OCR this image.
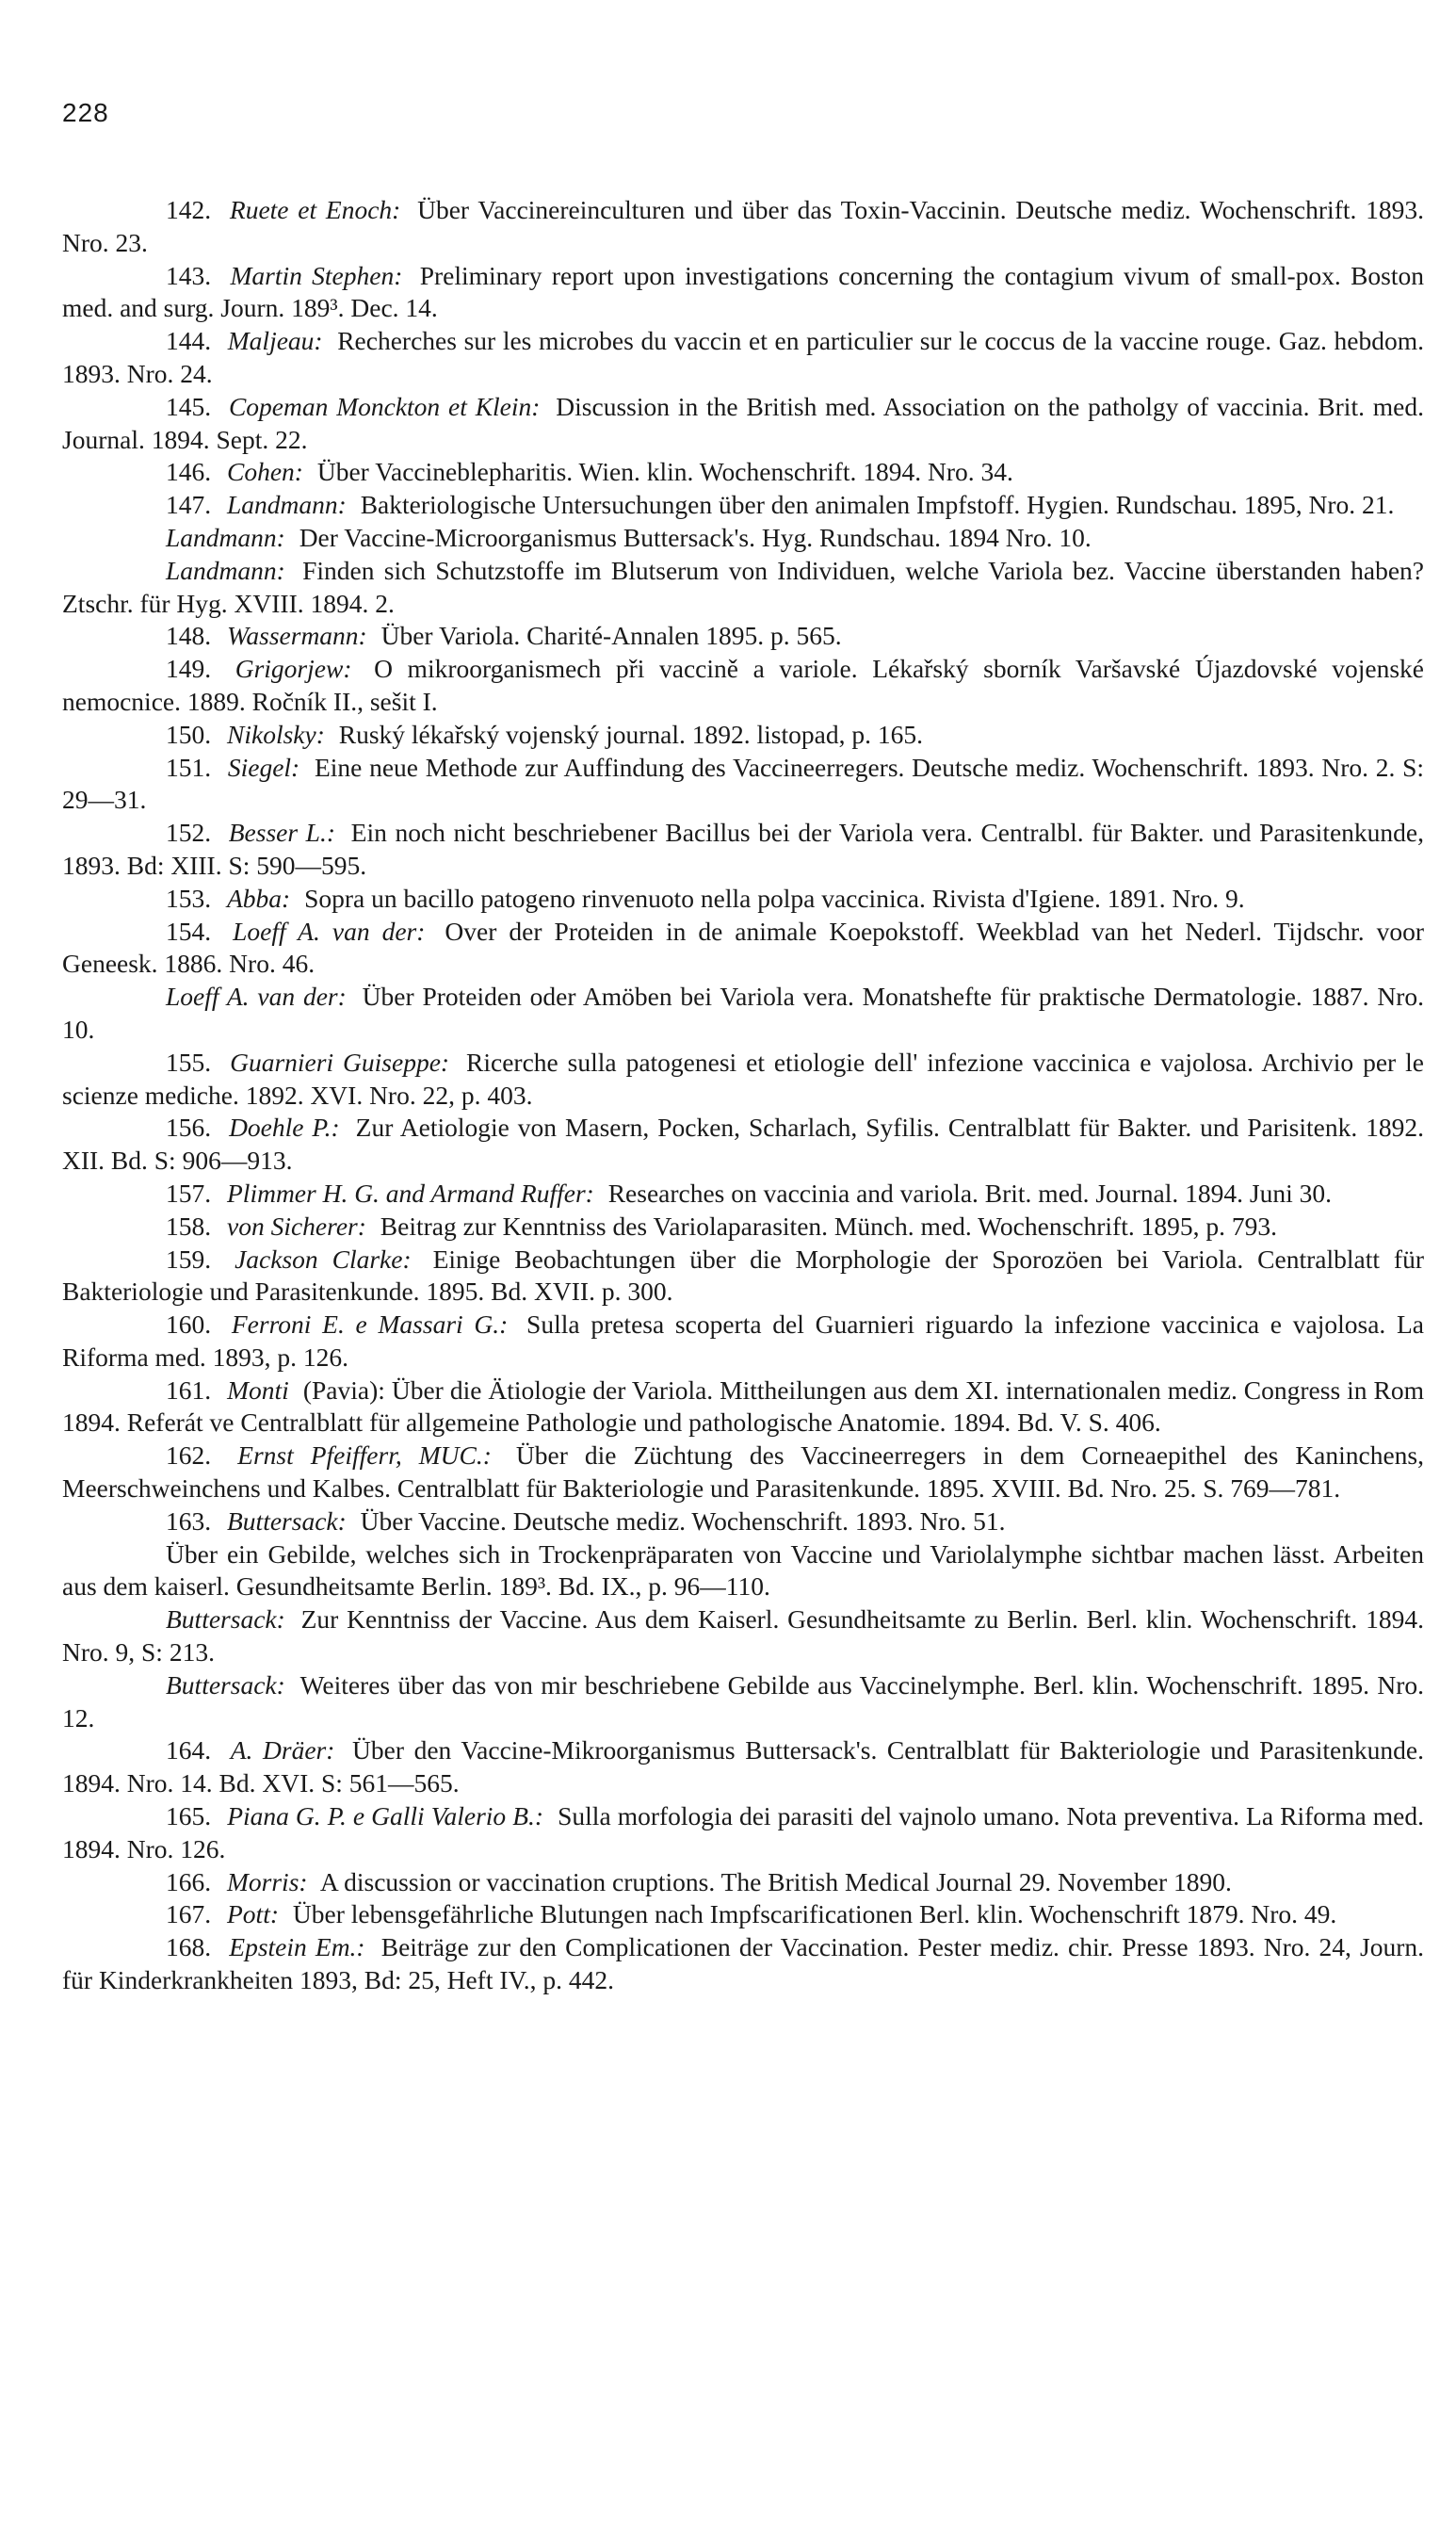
228

142. Ruete et Enoch: Über Vaccinereinculturen und über das Toxin-Vaccinin. Deutsche mediz. Wochenschrift. 1893. Nro. 23.

143. Martin Stephen: Preliminary report upon investigations concerning the contagium vivum of small-pox. Boston med. and surg. Journ. 189³. Dec. 14.

144. Maljeau: Recherches sur les microbes du vaccin et en particulier sur le coccus de la vaccine rouge. Gaz. hebdom. 1893. Nro. 24.

145. Copeman Monckton et Klein: Discussion in the British med. Association on the patholgy of vaccinia. Brit. med. Journal. 1894. Sept. 22.

146. Cohen: Über Vaccineblepharitis. Wien. klin. Wochenschrift. 1894. Nro. 34.

147. Landmann: Bakteriologische Untersuchungen über den animalen Impfstoff. Hygien. Rundschau. 1895, Nro. 21.

Landmann: Der Vaccine-Microorganismus Buttersack's. Hyg. Rundschau. 1894 Nro. 10.

Landmann: Finden sich Schutzstoffe im Blutserum von Individuen, welche Variola bez. Vaccine überstanden haben? Ztschr. für Hyg. XVIII. 1894. 2.

148. Wassermann: Über Variola. Charité-Annalen 1895. p. 565.

149. Grigorjew: O mikroorganismech při vaccině a variole. Lékařský sborník Varšavské Újazdovské vojenské nemocnice. 1889. Ročník II., sešit I.

150. Nikolsky: Ruský lékařský vojenský journal. 1892. listopad, p. 165.

151. Siegel: Eine neue Methode zur Auffindung des Vaccineerregers. Deutsche mediz. Wochenschrift. 1893. Nro. 2. S: 29—31.

152. Besser L.: Ein noch nicht beschriebener Bacillus bei der Variola vera. Centralbl. für Bakter. und Parasitenkunde, 1893. Bd: XIII. S: 590—595.

153. Abba: Sopra un bacillo patogeno rinvenuoto nella polpa vaccinica. Rivista d'Igiene. 1891. Nro. 9.

154. Loeff A. van der: Over der Proteiden in de animale Koepokstoff. Weekblad van het Nederl. Tijdschr. voor Geneesk. 1886. Nro. 46.

Loeff A. van der: Über Proteiden oder Amöben bei Variola vera. Monatshefte für praktische Dermatologie. 1887. Nro. 10.

155. Guarnieri Guiseppe: Ricerche sulla patogenesi et etiologie dell' infezione vaccinica e vajolosa. Archivio per le scienze mediche. 1892. XVI. Nro. 22, p. 403.

156. Doehle P.: Zur Aetiologie von Masern, Pocken, Scharlach, Syfilis. Centralblatt für Bakter. und Parisitenk. 1892. XII. Bd. S: 906—913.

157. Plimmer H. G. and Armand Ruffer: Researches on vaccinia and variola. Brit. med. Journal. 1894. Juni 30.

158. von Sicherer: Beitrag zur Kenntniss des Variolaparasiten. Münch. med. Wochenschrift. 1895, p. 793.

159. Jackson Clarke: Einige Beobachtungen über die Morphologie der Sporozöen bei Variola. Centralblatt für Bakteriologie und Parasitenkunde. 1895. Bd. XVII. p. 300.

160. Ferroni E. e Massari G.: Sulla pretesa scoperta del Guarnieri riguardo la infezione vaccinica e vajolosa. La Riforma med. 1893, p. 126.

161. Monti (Pavia): Über die Ätiologie der Variola. Mittheilungen aus dem XI. internationalen mediz. Congress in Rom 1894. Referát ve Centralblatt für allgemeine Pathologie und pathologische Anatomie. 1894. Bd. V. S. 406.

162. Ernst Pfeifferr, MUC.: Über die Züchtung des Vaccineerregers in dem Corneaepithel des Kaninchens, Meerschweinchens und Kalbes. Centralblatt für Bakteriologie und Parasitenkunde. 1895. XVIII. Bd. Nro. 25. S. 769—781.

163. Buttersack: Über Vaccine. Deutsche mediz. Wochenschrift. 1893. Nro. 51.

Über ein Gebilde, welches sich in Trockenpräparaten von Vaccine und Variolalymphe sichtbar machen lässt. Arbeiten aus dem kaiserl. Gesundheitsamte Berlin. 189³. Bd. IX., p. 96—110.

Buttersack: Zur Kenntniss der Vaccine. Aus dem Kaiserl. Gesundheitsamte zu Berlin. Berl. klin. Wochenschrift. 1894. Nro. 9, S: 213.

Buttersack: Weiteres über das von mir beschriebene Gebilde aus Vaccinelymphe. Berl. klin. Wochenschrift. 1895. Nro. 12.

164. A. Dräer: Über den Vaccine-Mikroorganismus Buttersack's. Centralblatt für Bakteriologie und Parasitenkunde. 1894. Nro. 14. Bd. XVI. S: 561—565.

165. Piana G. P. e Galli Valerio B.: Sulla morfologia dei parasiti del vajnolo umano. Nota preventiva. La Riforma med. 1894. Nro. 126.

166. Morris: A discussion or vaccination cruptions. The British Medical Journal 29. November 1890.

167. Pott: Über lebensgefährliche Blutungen nach Impfscarificationen Berl. klin. Wochenschrift 1879. Nro. 49.

168. Epstein Em.: Beiträge zur den Complicationen der Vaccination. Pester mediz. chir. Presse 1893. Nro. 24, Journ. für Kinderkrankheiten 1893, Bd: 25, Heft IV., p. 442.
